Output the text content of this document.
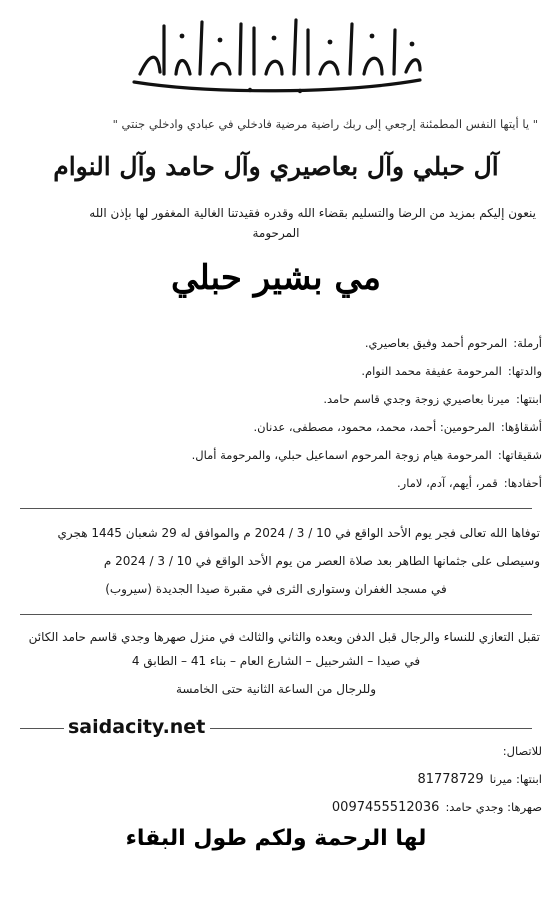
" يا أيتها النفس المطمئنة إرجعي إلى ربك راضية مرضية فادخلي في عبادي وادخلي جنتي "
آل حبلي وآل بعاصيري وآل حامد وآل النوام
ينعون إليكم بمزيد من الرضا والتسليم بقضاء الله وقدره فقيدتنا الغالية المغفور لها بإذن الله
المرحومة
مي بشير حبلي
أرملة:المرحوم أحمد وفيق بعاصيري.
والدتها:المرحومة عفيفة محمد النوام.
ابنتها:ميرنا بعاصيري زوجة وجدي قاسم حامد.
أشقاؤها:المرحومين: أحمد، محمد، محمود، مصطفى، عدنان.
شقيقاتها:المرحومة هيام زوجة المرحوم اسماعيل حبلي، والمرحومة أمال.
أحفادها:قمر، أيهم، آدم، لامار.
توفاها الله تعالى فجر يوم الأحد الواقع في 10 / 3 / 2024 م والموافق له 29 شعبان 1445 هجري
وسيصلى على جثمانها الطاهر بعد صلاة العصر من يوم الأحد الواقع في 10 / 3 / 2024 م
في مسجد الغفران وستوارى الثرى في مقبرة صيدا الجديدة (سيروب)
تقبل التعازي للنساء والرجال قبل الدفن وبعده والثاني والثالث في منزل صهرها وجدي قاسم حامد الكائن
في صيدا – الشرحبيل – الشارع العام – بناء 41 – الطابق 4
وللرجال من الساعة الثانية حتى الخامسة
saidacity.net
للاتصال:
ابنتها: ميرنا81778729
صهرها: وجدي حامد:0097455512036
لها الرحمة ولكم طول البقاء
